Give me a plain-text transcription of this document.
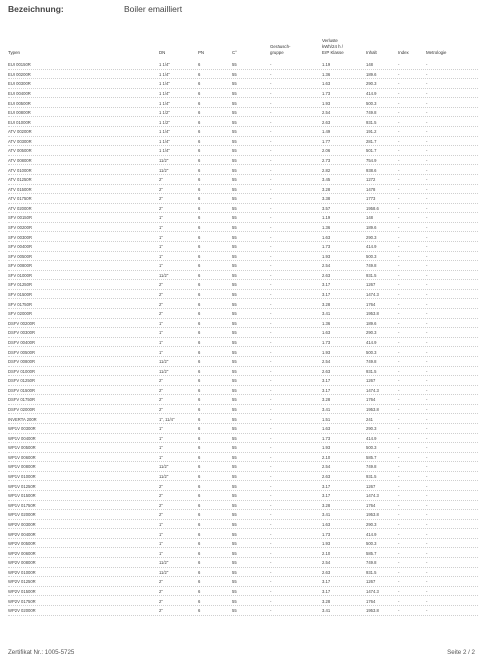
Bezeichnung:	Boiler emailliert
Typen	DN	PN	C°
Geräusch-
gruppe
Verluste
kWh/24 h /
ErP Klasse	Inhalt	Index	Metrologie
EUI 00150R	1 1/4"	6	55	-	1.19	148	-	-
EUI 00200R	1 1/4"	6	55	-	1.36	189.6	-	-
EUI 00300R	1 1/4"	6	55	-	1.63	290.3	-	-
EUI 00400R	1 1/4"	6	55	-	1.73	414.9	-	-
EUI 00500R	1 1/4"	6	55	-	1.93	500.3	-	-
EUI 00800R	1 1/2"	6	55	-	2.54	749.8	-	-
EUI 01000R	1 1/2"	6	55	-	2.63	931.5	-	-
ATV 00200R	1 1/4"	6	55	-	1.49	191.2	-	-
ATV 00300R	1 1/4"	6	55	-	1.77	281.7	-	-
ATV 00500R	1 1/4"	6	55	-	2.06	501.7	-	-
ATV 00800R	11/2"	6	55	-	2.73	754.9	-	-
ATV 01000R	11/2"	6	55	-	2.82	938.6	-	-
ATV 01250R	2"	6	55	-	3.45	1272	-	-
ATV 01500R	2"	6	55	-	3.28	1478	-	-
ATV 01750R	2"	6	55	-	3.38	1773	-	-
ATV 02000R	2"	6	55	-	3.57	1958.6	-	-
SFV 00150R	1"	6	55	-	1.19	148	-	-
SFV 00200R	1"	6	55	-	1.36	189.6	-	-
SFV 00300R	1"	6	55	-	1.63	290.3	-	-
SFV 00400R	1"	6	55	-	1.73	414.9	-	-
SFV 00500R	1"	6	55	-	1.93	500.3	-	-
SFV 00800R	1"	6	55	-	2.54	749.8	-	-
SFV 01000R	11/2"	6	55	-	2.63	931.5	-	-
SFV 01250R	2"	6	55	-	3.17	1267	-	-
SFV 01500R	2"	6	55	-	3.17	1474.3	-	-
SFV 01750R	2"	6	55	-	3.28	1764	-	-
SFV 02000R	2"	6	55	-	3.41	1953.8	-	-
DSFV 00200R	1"	6	55	-	1.36	189.6	-	-
DSFV 00300R	1"	6	55	-	1.63	290.3	-	-
DSFV 00400R	1"	6	55	-	1.73	414.9	-	-
DSFV 00500R	1"	6	55	-	1.93	500.3	-	-
DSFV 00800R	11/2"	6	55	-	2.54	749.8	-	-
DSFV 01000R	11/2"	6	55	-	2.63	931.5	-	-
DSFV 01250R	2"	6	55	-	3.17	1267	-	-
DSFV 01500R	2"	6	55	-	3.17	1474.3	-	-
DSFV 01750R	2"	6	55	-	3.28	1764	-	-
DSFV 02000R	2"	6	55	-	3.41	1953.8	-	-
INVERTA 200R	1", 11/4"	6	55	-	1.51	241	-	-
WP1V 00300R	1"	6	55	-	1.63	290.3	-	-
WP1V 00400R	1"	6	55	-	1.73	414.9	-	-
WP1V 00500R	1"	6	55	-	1.93	500.3	-	-
WP1V 00600R	1"	6	55	-	2.10	585.7	-	-
WP1V 00800R	11/2"	6	55	-	2.54	749.8	-	-
WP1V 01000R	11/2"	6	55	-	2.63	931.5	-	-
WP1V 01250R	2"	6	55	-	3.17	1267	-	-
WP1V 01500R	2"	6	55	-	3.17	1474.3	-	-
WP1V 01750R	2"	6	55	-	3.28	1764	-	-
WP1V 02000R	2"	6	55	-	3.41	1953.8	-	-
WP2V 00300R	1"	6	55	-	1.63	290.3	-	-
WP2V 00400R	1"	6	55	-	1.73	414.9	-	-
WP2V 00500R	1"	6	55	-	1.93	500.3	-	-
WP2V 00600R	1"	6	55	-	2.10	585.7	-	-
WP2V 00800R	11/2"	6	55	-	2.54	749.8	-	-
WP2V 01000R	11/2"	6	55	-	2.63	931.5	-	-
WP2V 01250R	2"	6	55	-	3.17	1267	-	-
WP2V 01500R	2"	6	55	-	3.17	1474.3	-	-
WP2V 01750R	2"	6	55	-	3.28	1764	-	-
WP2V 02000R	2"	6	55	-	3.41	1953.8	-	-
Zertifikat Nr.: 1005-5725	Seite 2 / 2
